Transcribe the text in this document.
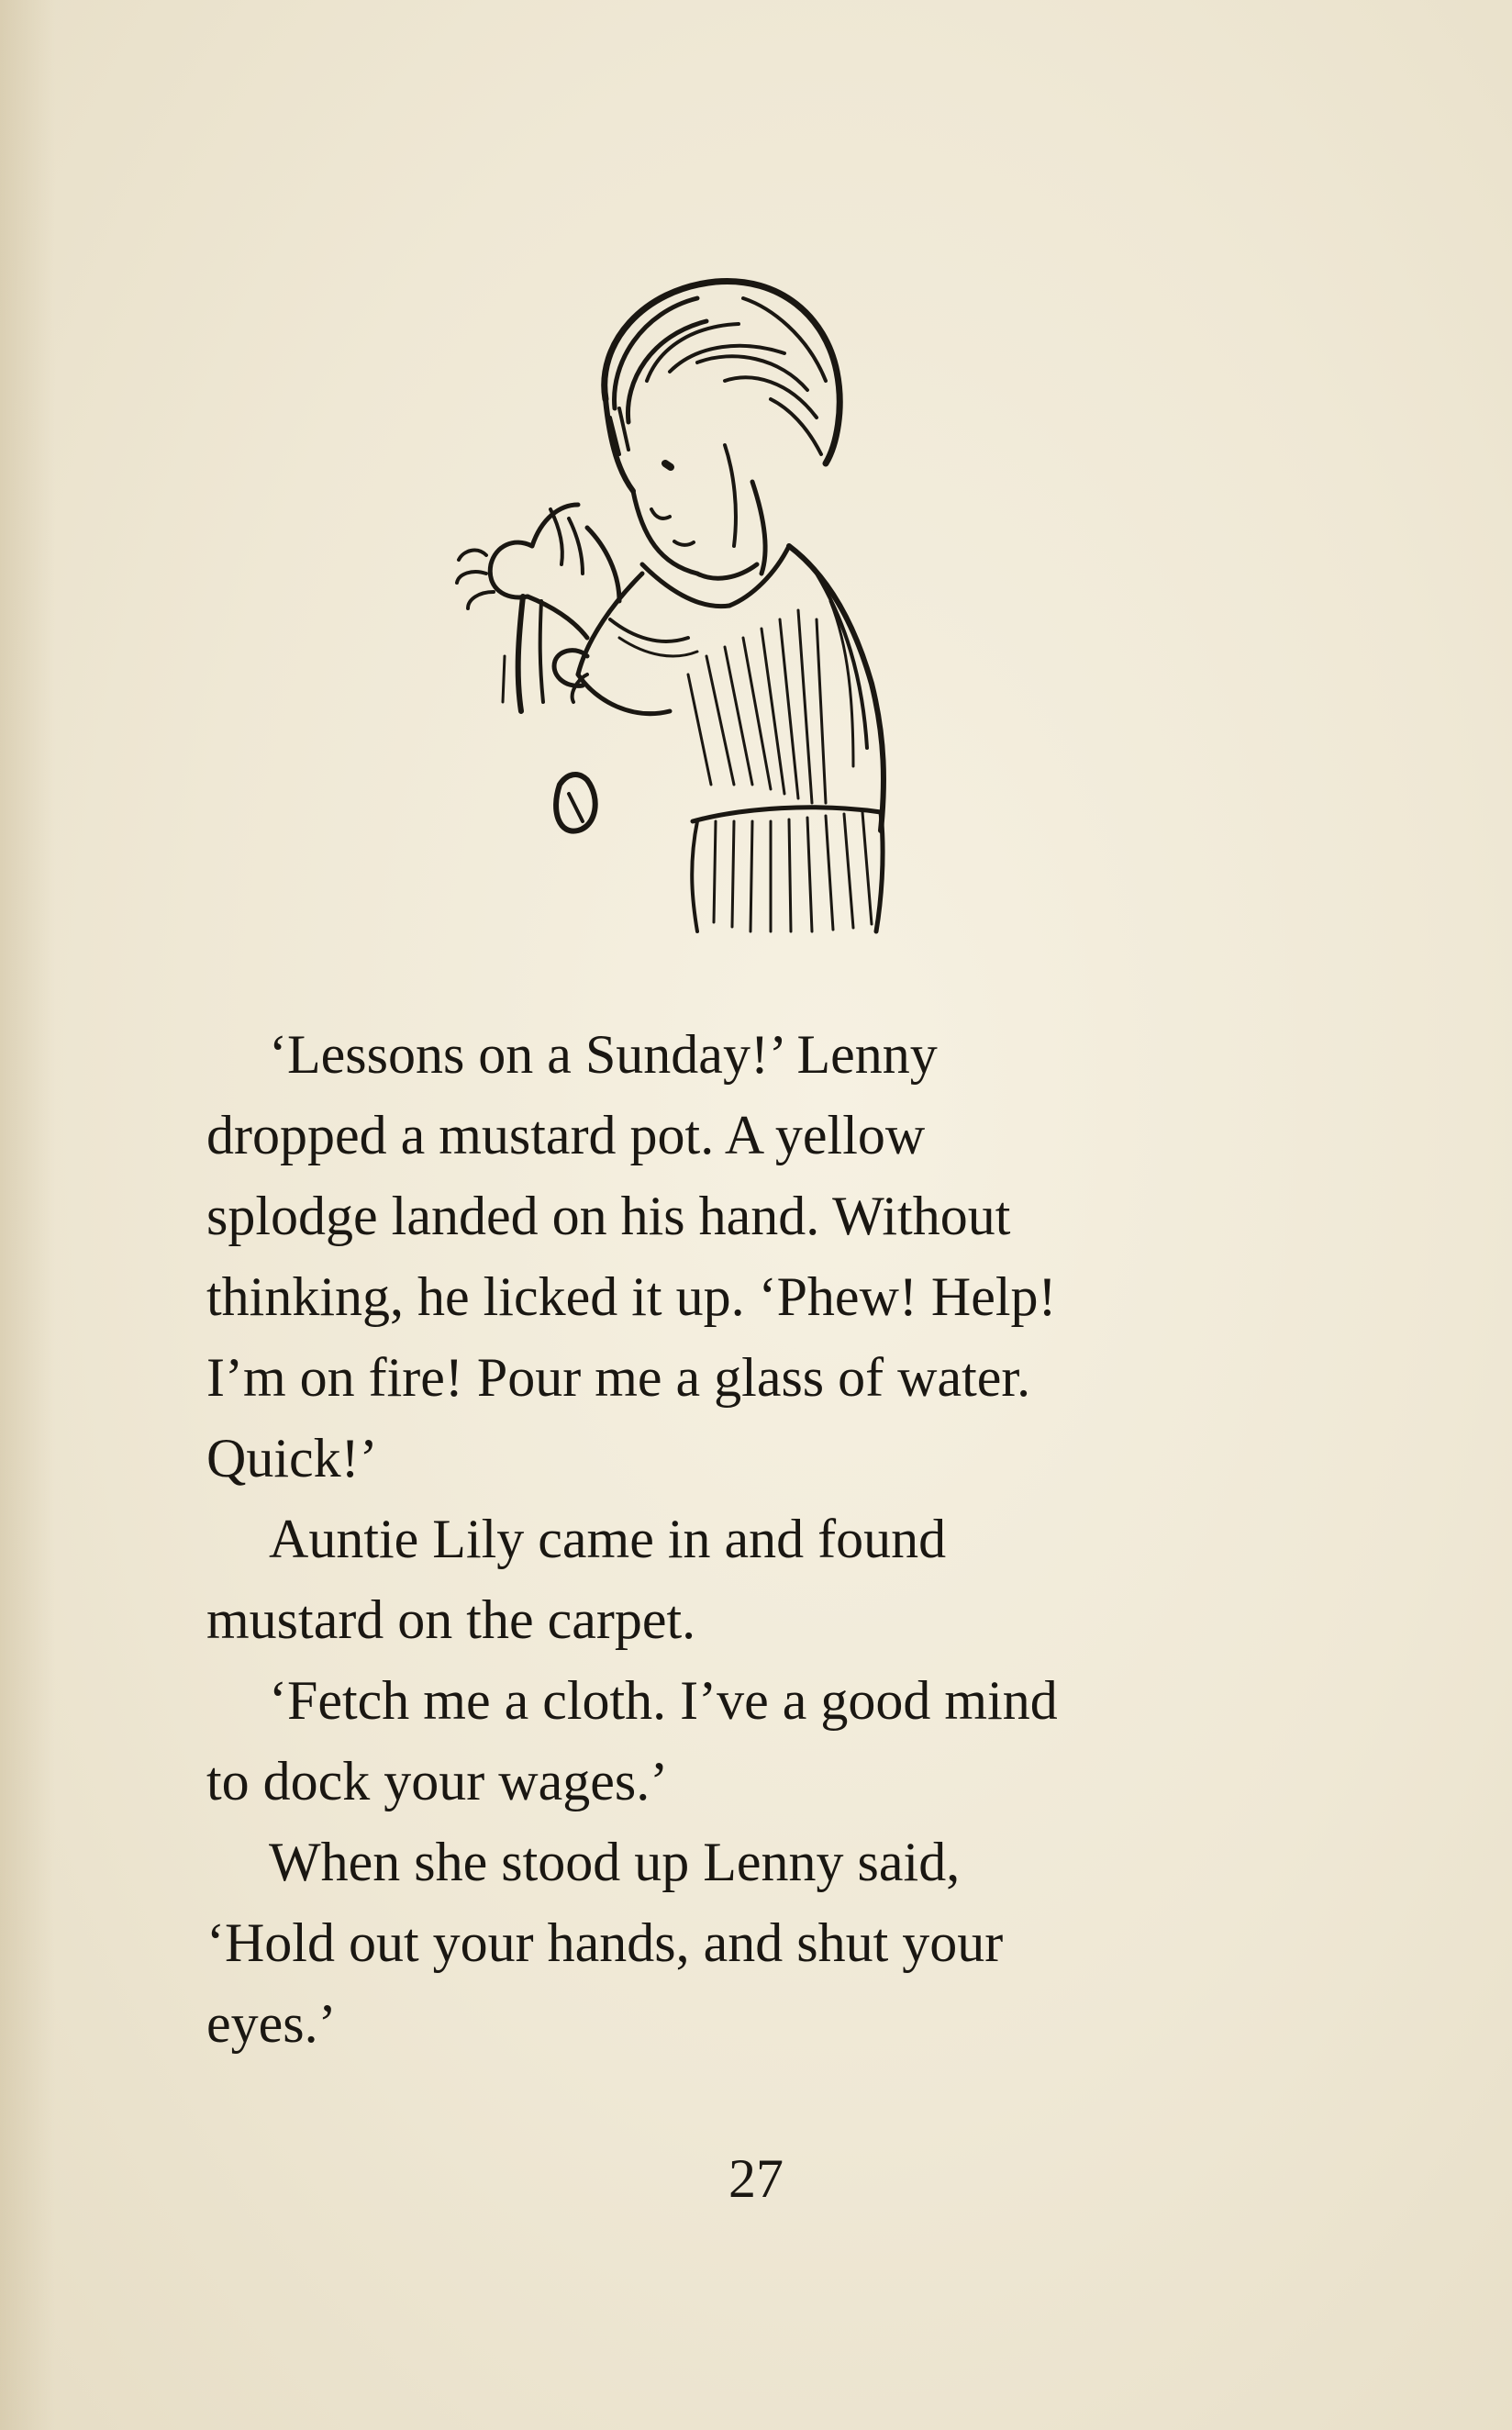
‘Lessons on a Sunday!’ Lenny
dropped a mustard pot. A yellow
splodge landed on his hand. Without
thinking, he licked it up. ‘Phew! Help!
I’m on fire! Pour me a glass of water.
Quick!’
Auntie Lily came in and found
mustard on the carpet.
‘Fetch me a cloth. I’ve a good mind
to dock your wages.’
When she stood up Lenny said,
‘Hold out your hands, and shut your
eyes.’
27
